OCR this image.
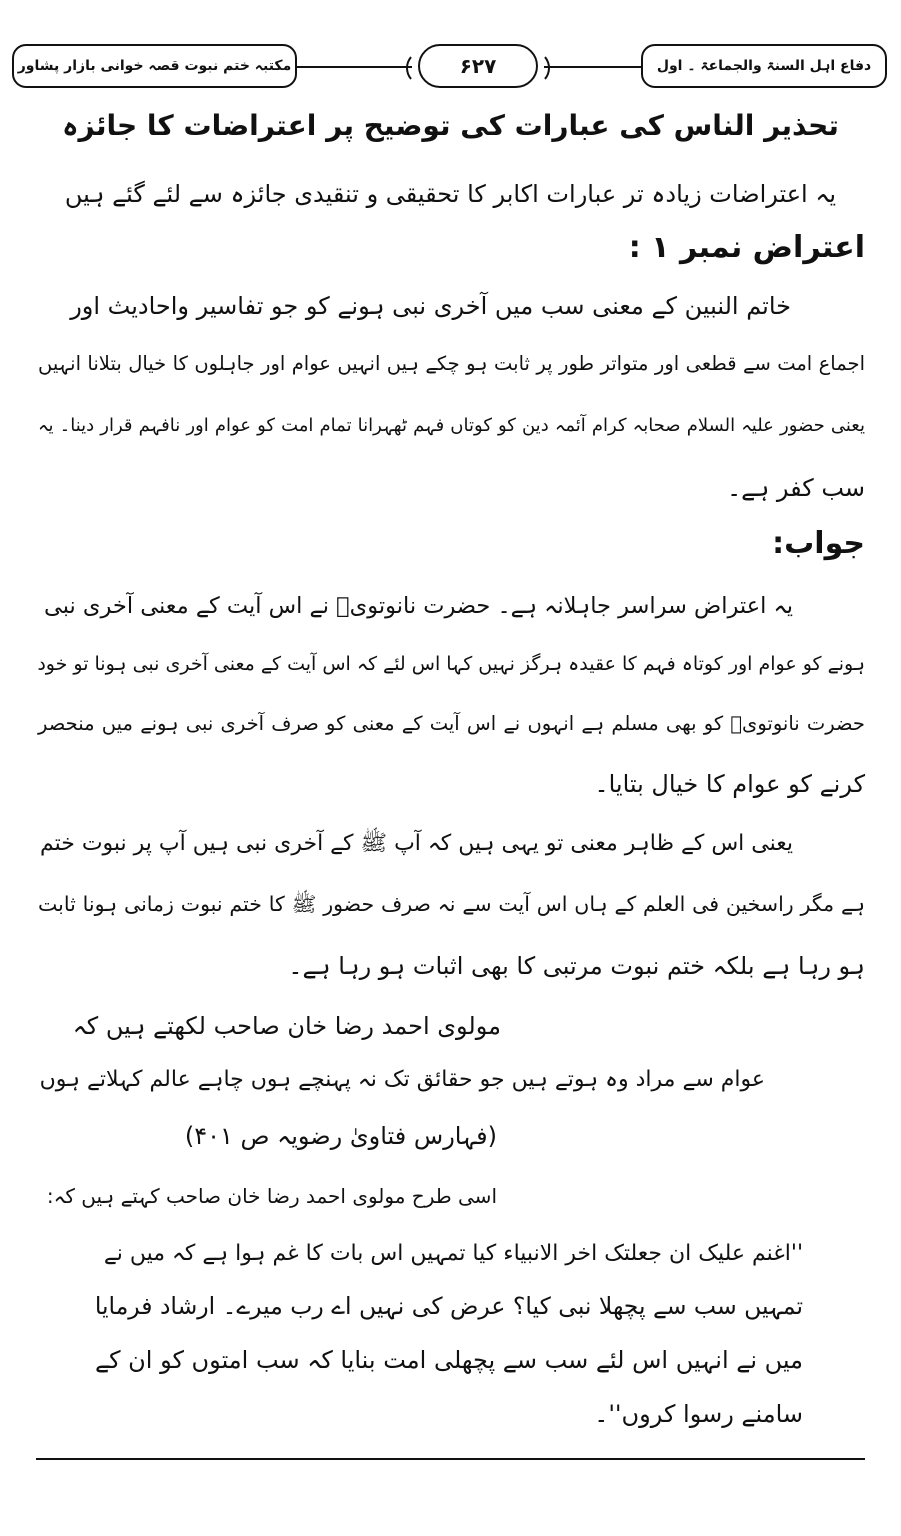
مکتبہ ختم نبوت قصہ خوانی بازار پشاور	۶۲۷	دفاع اہل السنۃ والجماعۃ ۔ اول
تحذیر الناس کی عبارات کی توضیح پر اعتراضات کا جائزہ
یہ اعتراضات زیادہ تر عبارات اکابر کا تحقیقی و تنقیدی جائزہ سے لئے گئے ہیں
اعتراض نمبر ۱ :
خاتم النبین کے معنی سب میں آخری نبی ہونے کو جو تفاسیر واحادیث اور
اجماع امت سے قطعی اور متواتر طور پر ثابت ہو چکے ہیں انہیں عوام اور جاہلوں کا خیال بتلانا انہیں
یعنی حضور علیہ السلام صحابہ کرام آئمہ دین کو کوتاں فہم ٹھہرانا تمام امت کو عوام اور نافہم قرار دینا۔ یہ
سب کفر ہے۔
جواب:
یہ اعتراض سراسر جاہلانہ ہے۔ حضرت نانوتویؒ نے اس آیت کے معنی آخری نبی
ہونے کو عوام اور کوتاہ فہم کا عقیدہ ہرگز نہیں کہا اس لئے کہ اس آیت کے معنی آخری نبی ہونا تو خود
حضرت نانوتویؒ کو بھی مسلم ہے انہوں نے اس آیت کے معنی کو صرف آخری نبی ہونے میں منحصر
کرنے کو عوام کا خیال بتایا۔
یعنی اس کے ظاہر معنی تو یہی ہیں کہ آپ ﷺ کے آخری نبی ہیں آپ پر نبوت ختم
ہے مگر راسخین فی العلم کے ہاں اس آیت سے نہ صرف حضور ﷺ کا ختم نبوت زمانی ہونا ثابت
ہو رہا ہے بلکہ ختم نبوت مرتبی کا بھی اثبات ہو رہا ہے۔
مولوی احمد رضا خان صاحب لکھتے ہیں کہ
عوام سے مراد وہ ہوتے ہیں جو حقائق تک نہ پہنچے ہوں چاہے عالم کہلاتے ہوں
(فہارس فتاویٰ رضویہ ص ۴۰۱)
اسی طرح مولوی احمد رضا خان صاحب کہتے ہیں کہ:
''اغنم علیک ان جعلتک اخر الانبیاء کیا تمہیں اس بات کا غم ہوا ہے کہ میں نے
تمہیں سب سے پچھلا نبی کیا؟ عرض کی نہیں اے رب میرے۔ ارشاد فرمایا
میں نے انہیں اس لئے سب سے پچھلی امت بنایا کہ سب امتوں کو ان کے
سامنے رسوا کروں''۔
